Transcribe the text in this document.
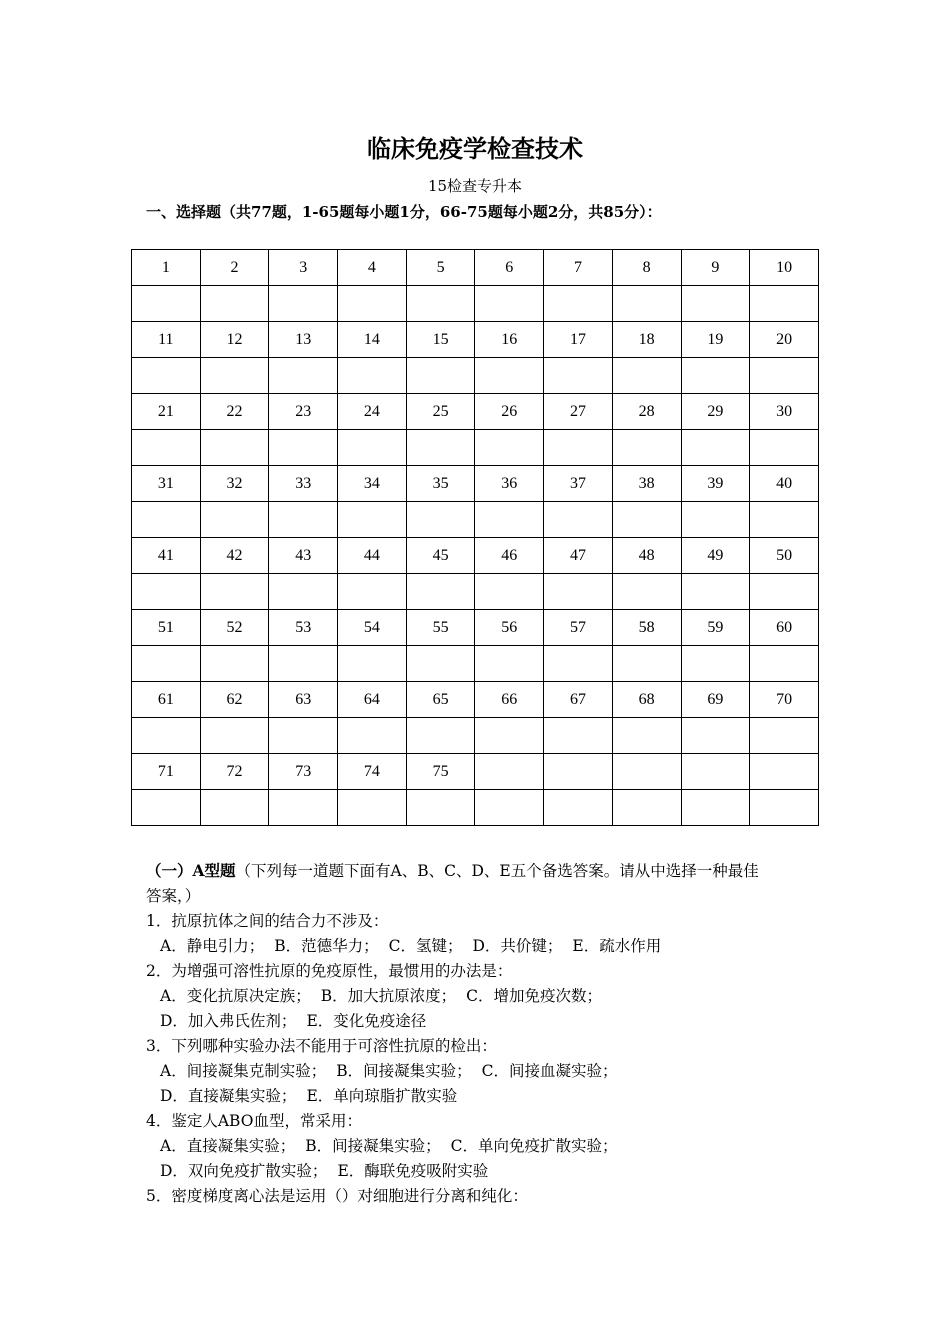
临床免疫学检查技术
15检查专升本
一、选择题（共77题，1-65题每小题1分，66-75题每小题2分，共85分）：
1	2	3	4	5	6	7	8	9	10

11	12	13	14	15	16	17	18	19	20

21	22	23	24	25	26	27	28	29	30

31	32	33	34	35	36	37	38	39	40

41	42	43	44	45	46	47	48	49	50

51	52	53	54	55	56	57	58	59	60

61	62	63	64	65	66	67	68	69	70

71	72	73	74	75					

（一）A型题（下列每一道题下面有A、B、C、D、E五个备选答案。请从中选择一种最佳
答案，）
1．抗原抗体之间的结合力不涉及：
A．静电引力； B．范德华力； C．氢键； D．共价键； E．疏水作用
2．为增强可溶性抗原的免疫原性，最惯用的办法是：
A．变化抗原决定族； B．加大抗原浓度； C．增加免疫次数；
D．加入弗氏佐剂； E．变化免疫途径
3．下列哪种实验办法不能用于可溶性抗原的检出：
A．间接凝集克制实验； B．间接凝集实验； C．间接血凝实验；
D．直接凝集实验； E．单向琼脂扩散实验
4．鉴定人ABO血型，常采用：
A．直接凝集实验； B．间接凝集实验； C．单向免疫扩散实验；
D．双向免疫扩散实验； E．酶联免疫吸附实验
5．密度梯度离心法是运用（）对细胞进行分离和纯化：
